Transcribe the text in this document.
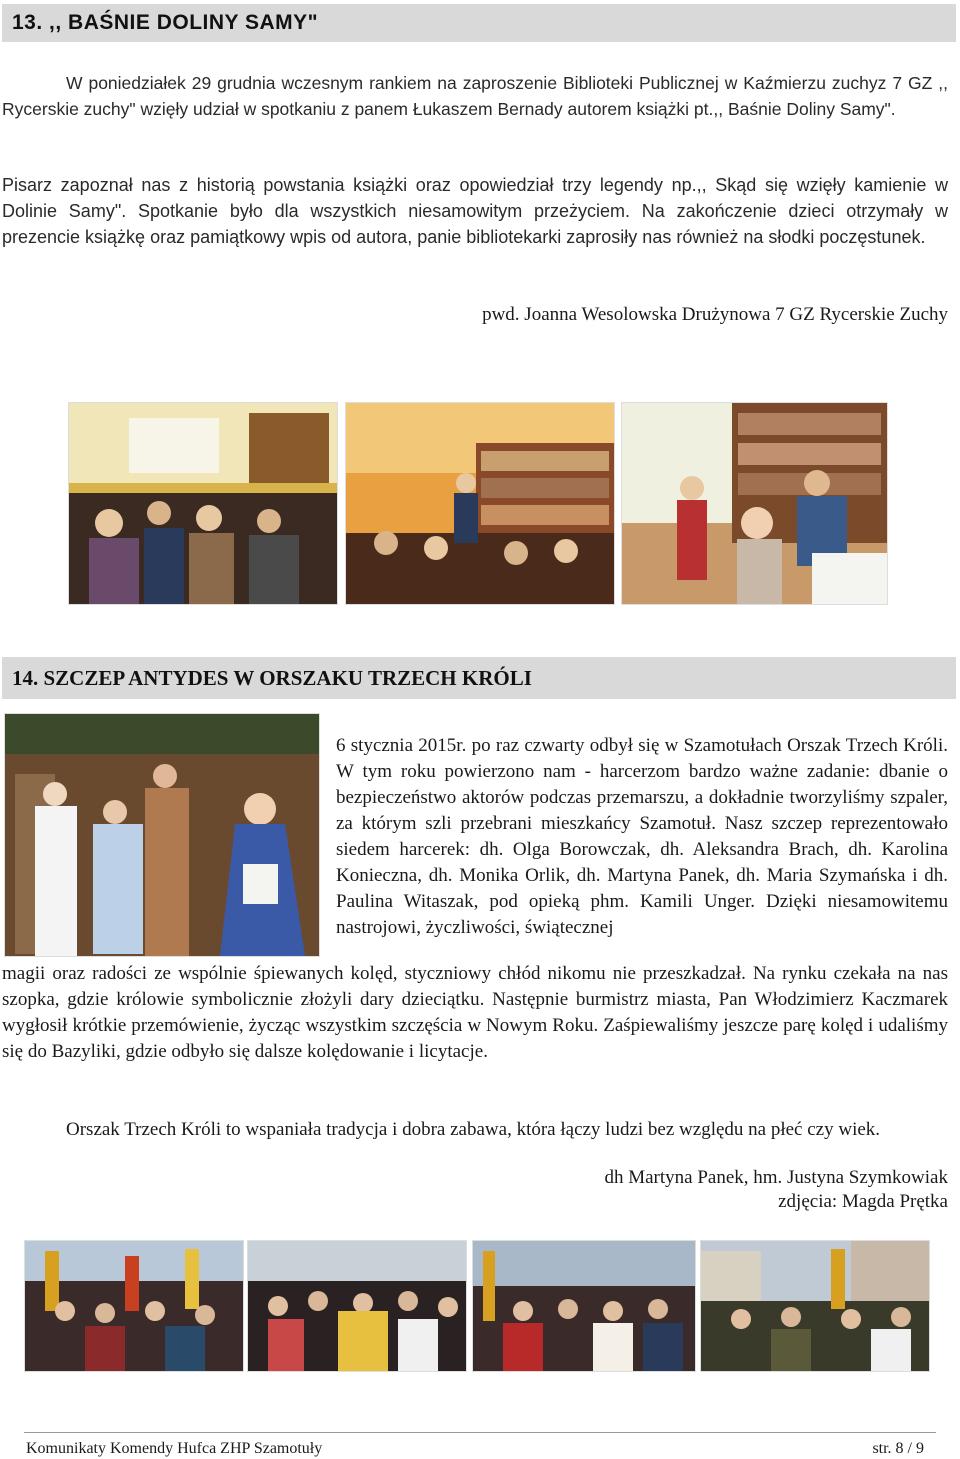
13. ,, BAŚNIE DOLINY SAMY"
W poniedziałek 29 grudnia wczesnym rankiem na zaproszenie Biblioteki Publicznej w Kaźmierzu zuchyz 7 GZ ,, Rycerskie zuchy" wzięły udział w spotkaniu z panem Łukaszem Bernady autorem książki pt.,, Baśnie Doliny Samy".
Pisarz zapoznał nas z historią powstania książki oraz opowiedział trzy legendy np.,, Skąd się wzięły kamienie w Dolinie Samy". Spotkanie było dla wszystkich niesamowitym przeżyciem. Na zakończenie dzieci otrzymały w prezencie książkę oraz pamiątkowy wpis od autora, panie bibliotekarki zaprosiły nas również na słodki poczęstunek.
pwd. Joanna Wesolowska Drużynowa 7 GZ Rycerskie Zuchy
14. SZCZEP ANTYDES W ORSZAKU TRZECH KRÓLI
6 stycznia 2015r. po raz czwarty odbył się w Szamotułach Orszak Trzech Króli. W tym roku powierzono nam - harcerzom bardzo ważne zadanie: dbanie o bezpieczeństwo aktorów podczas przemarszu, a dokładnie tworzyliśmy szpaler, za którym szli przebrani mieszkańcy Szamotuł. Nasz szczep reprezentowało siedem harcerek: dh. Olga Borowczak, dh. Aleksandra Brach, dh. Karolina Konieczna, dh. Monika Orlik, dh. Martyna Panek, dh. Maria Szymańska i dh. Paulina Witaszak, pod opieką phm. Kamili Unger. Dzięki niesamowitemu nastrojowi, życzliwości, świątecznej
magii oraz radości ze wspólnie śpiewanych kolęd, styczniowy chłód nikomu nie przeszkadzał. Na rynku czekała na nas szopka, gdzie królowie symbolicznie złożyli dary dzieciątku. Następnie burmistrz miasta, Pan Włodzimierz Kaczmarek wygłosił krótkie przemówienie, życząc wszystkim szczęścia w Nowym Roku. Zaśpiewaliśmy jeszcze parę kolęd i udaliśmy się do Bazyliki, gdzie odbyło się dalsze kolędowanie i licytacje.
Orszak Trzech Króli to wspaniała tradycja i dobra zabawa, która łączy ludzi bez względu na płeć czy wiek.
dh Martyna Panek, hm. Justyna Szymkowiak
zdjęcia: Magda Prętka
Komunikaty Komendy Hufca ZHP Szamotuły	str. 8 / 9
